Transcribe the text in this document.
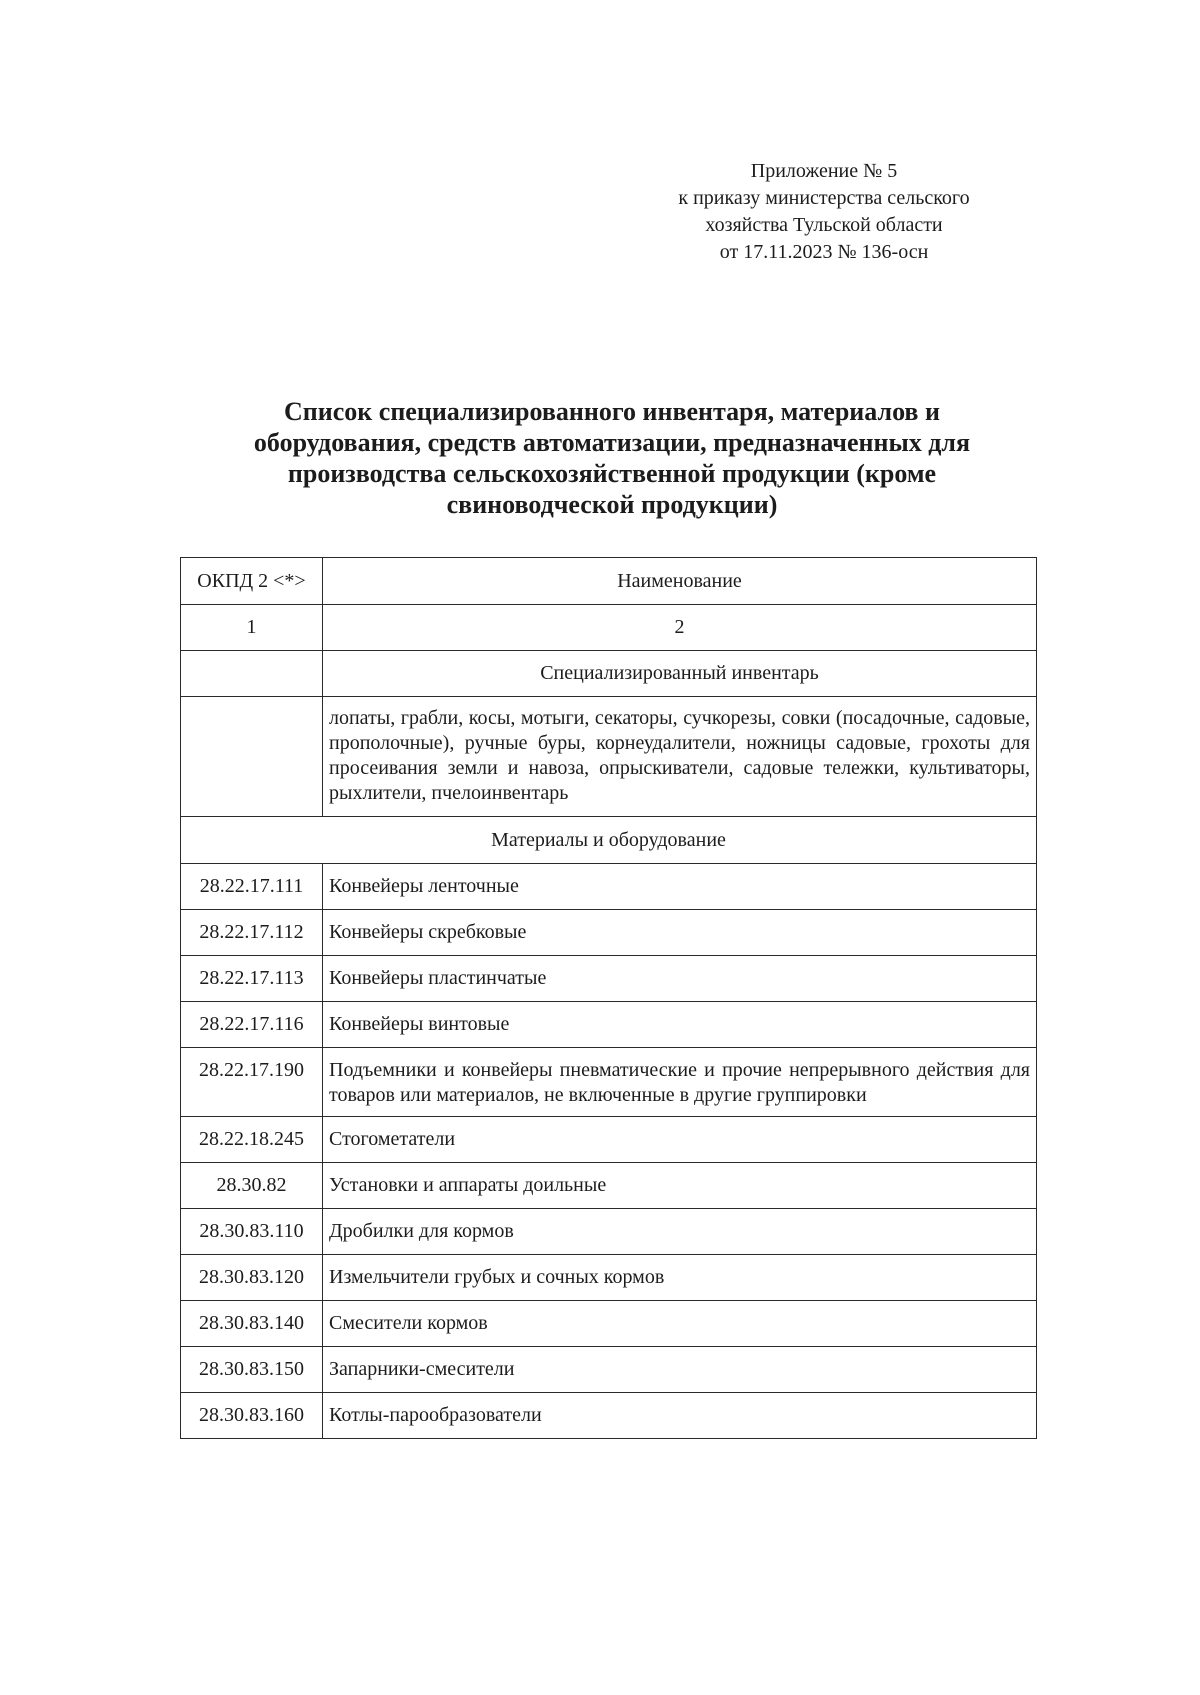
Приложение № 5
к приказу министерства сельского
хозяйства Тульской области
от 17.11.2023 № 136-осн
Список специализированного инвентаря, материалов и
оборудования, средств автоматизации, предназначенных для
производства сельскохозяйственной продукции (кроме
свиноводческой продукции)
ОКПД 2 <*>	Наименование
1	2
	Специализированный инвентарь
	лопаты, грабли, косы, мотыги, секаторы, сучкорезы, совки (посадочные, садовые, прополочные), ручные буры, корнеудалители, ножницы садовые, грохоты для просеивания земли и навоза, опрыскиватели, садовые тележки, культиваторы, рыхлители, пчелоинвентарь
Материалы и оборудование	
28.22.17.111	Конвейеры ленточные
28.22.17.112	Конвейеры скребковые
28.22.17.113	Конвейеры пластинчатые
28.22.17.116	Конвейеры винтовые
28.22.17.190	Подъемники и конвейеры пневматические и прочие непрерывного действия для товаров или материалов, не включенные в другие группировки
28.22.18.245	Стогометатели
28.30.82	Установки и аппараты доильные
28.30.83.110	Дробилки для кормов
28.30.83.120	Измельчители грубых и сочных кормов
28.30.83.140	Смесители кормов
28.30.83.150	Запарники-смесители
28.30.83.160	Котлы-парообразователи
